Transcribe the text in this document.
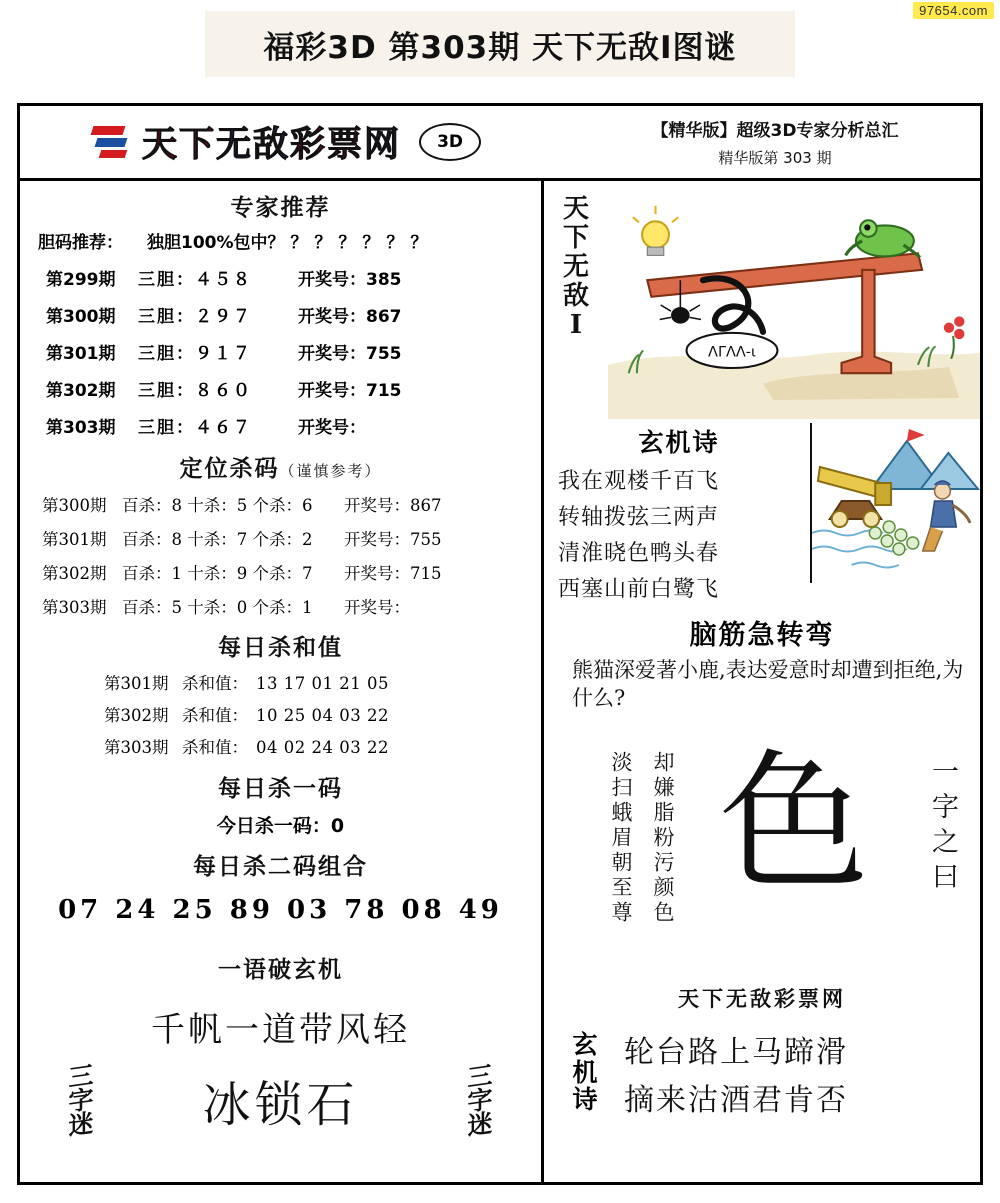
97654.com
福彩3D 第303期 天下无敌Ⅰ图谜
天下无敌彩票网	3D
【精华版】超级3D专家分析总汇
精华版第 303 期
专家推荐
胆码推荐： 独胆100%包中？ ？？？？？？
第299期	三胆：４５８	开奖号：385
第300期	三胆：２９７	开奖号：867
第301期	三胆：９１７	开奖号：755
第302期	三胆：８６０	开奖号：715
第303期	三胆：４６７	开奖号：
定位杀码（谨慎参考）
第300期 百杀：8 十杀：5 个杀：6	开奖号：867
第301期 百杀：8 十杀：7 个杀：2	开奖号：755
第302期 百杀：1 十杀：9 个杀：7	开奖号：715
第303期 百杀：5 十杀：0 个杀：1	开奖号：
每日杀和值
第301期 杀和值： 13 17 01 21 05
第302期 杀和值： 10 25 04 03 22
第303期 杀和值： 04 02 24 03 22
每日杀一码
今日杀一码：0
每日杀二码组合
07 24 25 89 03 78 08 49
一语破玄机
千帆一道带风轻
三
字
迷	冰锁石
三
字
迷
天
下
无
敌
Ⅰ
ΛΓΛΛ-ι
玄机诗
我在观楼千百飞
转轴拨弦三两声
清淮晓色鸭头春
西塞山前白鹭飞
脑筋急转弯
熊猫深爱著小鹿,表达爱意时却遭到拒绝,为什么?
却嫌脂粉污颜色
淡扫蛾眉朝至尊 色 一字之曰
天下无敌彩票网
玄
机
诗
轮台路上马蹄滑
摘来沽酒君肯否
